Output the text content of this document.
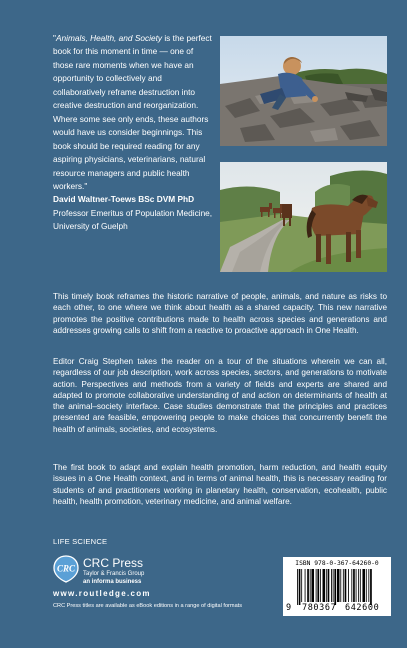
"Animals, Health, and Society is the perfect book for this moment in time — one of those rare moments when we have an opportunity to collectively and collaboratively reframe destruction into creative destruction and reorganization. Where some see only ends, these authors would have us consider beginnings. This book should be required reading for any aspiring physicians, veterinarians, natural resource managers and public health workers."
David Waltner-Toews BSc DVM PhD
Professor Emeritus of Population Medicine, University of Guelph

This timely book reframes the historic narrative of people, animals, and nature as risks to each other, to one where we think about health as a shared capacity. This new narrative promotes the positive contributions made to health across species and generations and addresses growing calls to shift from a reactive to proactive approach in One Health.

Editor Craig Stephen takes the reader on a tour of the situations wherein we can all, regardless of our job description, work across species, sectors, and generations to motivate action. Perspectives and methods from a variety of fields and experts are shared and adapted to promote collaborative understanding of and action on determinants of health at the animal–society interface. Case studies demonstrate that the principles and practices presented are feasible, empowering people to make choices that concurrently benefit the health of animals, societies, and ecosystems.

The first book to adapt and explain health promotion, harm reduction, and health equity issues in a One Health context, and in terms of animal health, this is necessary reading for students of and practitioners working in planetary health, conservation, ecohealth, public health, health promotion, veterinary medicine, and animal welfare.

LIFE SCIENCE
CRC CRC Press
Taylor & Francis Group
an informa business
www.routledge.com
CRC Press titles are available as eBook editions in a range of digital formats
ISBN 978-0-367-64260-0
9 780367 642600
